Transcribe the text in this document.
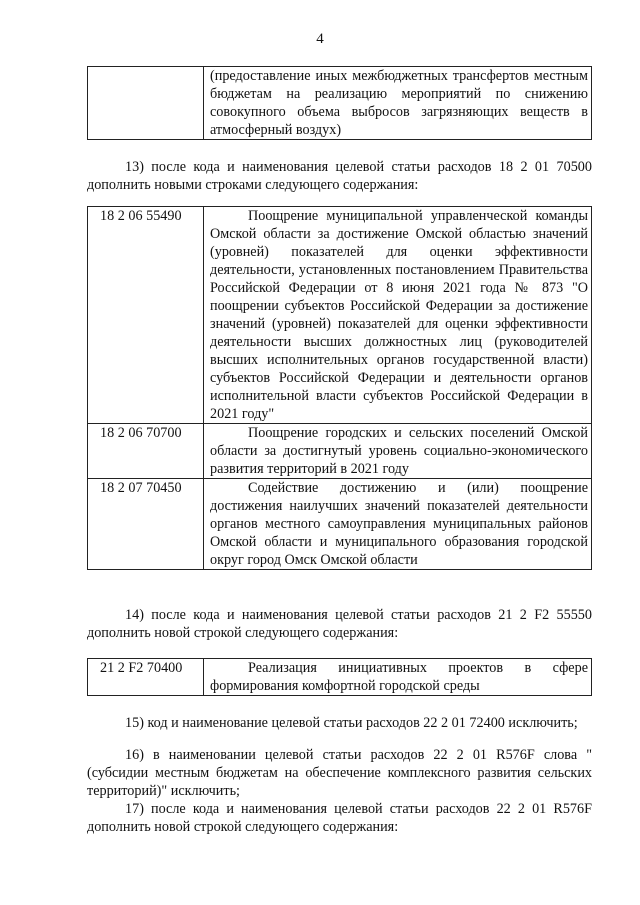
4
	(предоставление иных межбюджетных трансфертов местным бюджетам на реализацию мероприятий по снижению совокупного объема выбросов загрязняющих веществ в атмосферный воздух)
13) после кода и наименования целевой статьи расходов 18 2 01 70500 дополнить новыми строками следующего содержания:
18 2 06 55490	Поощрение муниципальной управленческой команды Омской области за достижение Омской областью значений (уровней) показателей для оценки эффективности деятельности, установленных постановлением Правительства Российской Федерации от 8 июня 2021 года № 873 "О поощрении субъектов Российской Федерации за достижение значений (уровней) показателей для оценки эффективности деятельности высших должностных лиц (руководителей высших исполнительных органов государственной власти) субъектов Российской Федерации и деятельности органов исполнительной власти субъектов Российской Федерации в 2021 году"
18 2 06 70700	Поощрение городских и сельских поселений Омской области за достигнутый уровень социально-экономического развития территорий в 2021 году
18 2 07 70450	Содействие достижению и (или) поощрение достижения наилучших значений показателей деятельности органов местного самоуправления муниципальных районов Омской области и муниципального образования городской округ город Омск Омской области
14) после кода и наименования целевой статьи расходов 21 2 F2 55550 дополнить новой строкой следующего содержания:
21 2 F2 70400	Реализация инициативных проектов в сфере формирования комфортной городской среды
15) код и наименование целевой статьи расходов 22 2 01 72400 исключить;
16) в наименовании целевой статьи расходов 22 2 01 R576F слова "(субсидии местным бюджетам на обеспечение комплексного развития сельских территорий)" исключить;
17) после кода и наименования целевой статьи расходов 22 2 01 R576F дополнить новой строкой следующего содержания:
